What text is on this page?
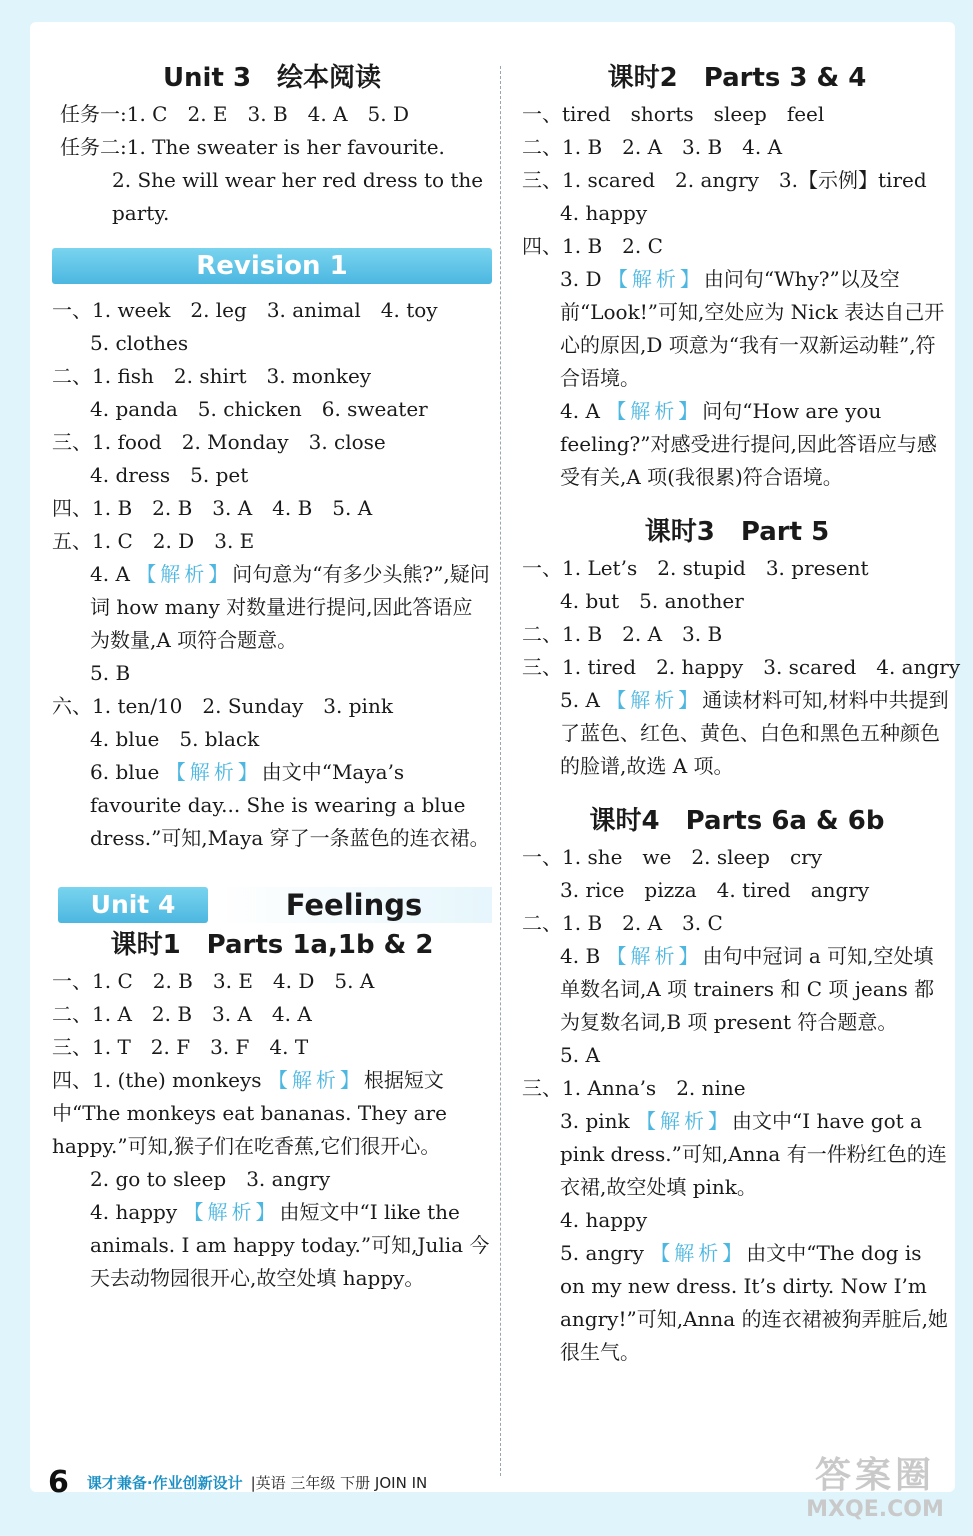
Unit 3　绘本阅读
任务一:1. C　2. E　3. B　4. A　5. D
任务二:1. The sweater is her favourite.
2. She will wear her red dress to the
party.
Revision 1
一、1. week　2. leg　3. animal　4. toy
5. clothes
二、1. fish　2. shirt　3. monkey
4. panda　5. chicken　6. sweater
三、1. food　2. Monday　3. close
4. dress　5. pet
四、1. B　2. B　3. A　4. B　5. A
五、1. C　2. D　3. E
4. A 【解析】问句意为“有多少头熊?”,疑问词 how many 对数量进行提问,因此答语应为数量,A 项符合题意。
5. B
六、1. ten/10　2. Sunday　3. pink
4. blue　5. black
6. blue 【解析】由文中“Maya’s favourite day... She is wearing a blue dress.”可知,Maya 穿了一条蓝色的连衣裙。
Unit 4	Feelings
课时1　Parts 1a,1b & 2
一、1. C　2. B　3. E　4. D　5. A
二、1. A　2. B　3. A　4. A
三、1. T　2. F　3. F　4. T
四、1. (the) monkeys 【解析】根据短文中“The monkeys eat bananas. They are happy.”可知,猴子们在吃香蕉,它们很开心。
2. go to sleep　3. angry
4. happy 【解析】由短文中“I like the animals. I am happy today.”可知,Julia 今天去动物园很开心,故空处填 happy。
课时2　Parts 3 & 4
一、tired　shorts　sleep　feel
二、1. B　2. A　3. B　4. A
三、1. scared　2. angry　3.【示例】tired
4. happy
四、1. B　2. C
3. D 【解析】由问句“Why?”以及空前“Look!”可知,空处应为 Nick 表达自己开心的原因,D 项意为“我有一双新运动鞋”,符合语境。
4. A 【解析】问句“How are you feeling?”对感受进行提问,因此答语应与感受有关,A 项(我很累)符合语境。
课时3　Part 5
一、1. Let’s　2. stupid　3. present
4. but　5. another
二、1. B　2. A　3. B
三、1. tired　2. happy　3. scared　4. angry
5. A 【解析】通读材料可知,材料中共提到了蓝色、红色、黄色、白色和黑色五种颜色的脸谱,故选 A 项。
课时4　Parts 6a & 6b
一、1. she　we　2. sleep　cry
3. rice　pizza　4. tired　angry
二、1. B　2. A　3. C
4. B 【解析】由句中冠词 a 可知,空处填单数名词,A 项 trainers 和 C 项 jeans 都为复数名词,B 项 present 符合题意。
5. A
三、1. Anna’s　2. nine
3. pink 【解析】由文中“I have got a pink dress.”可知,Anna 有一件粉红色的连衣裙,故空处填 pink。
4. happy
5. angry 【解析】由文中“The dog is on my new dress. It’s dirty. Now I’m angry!”可知,Anna 的连衣裙被狗弄脏后,她很生气。
6 课才兼备·作业创新设计 |英语 三年级 下册 JOIN IN	答案圈
MXQE.COM
